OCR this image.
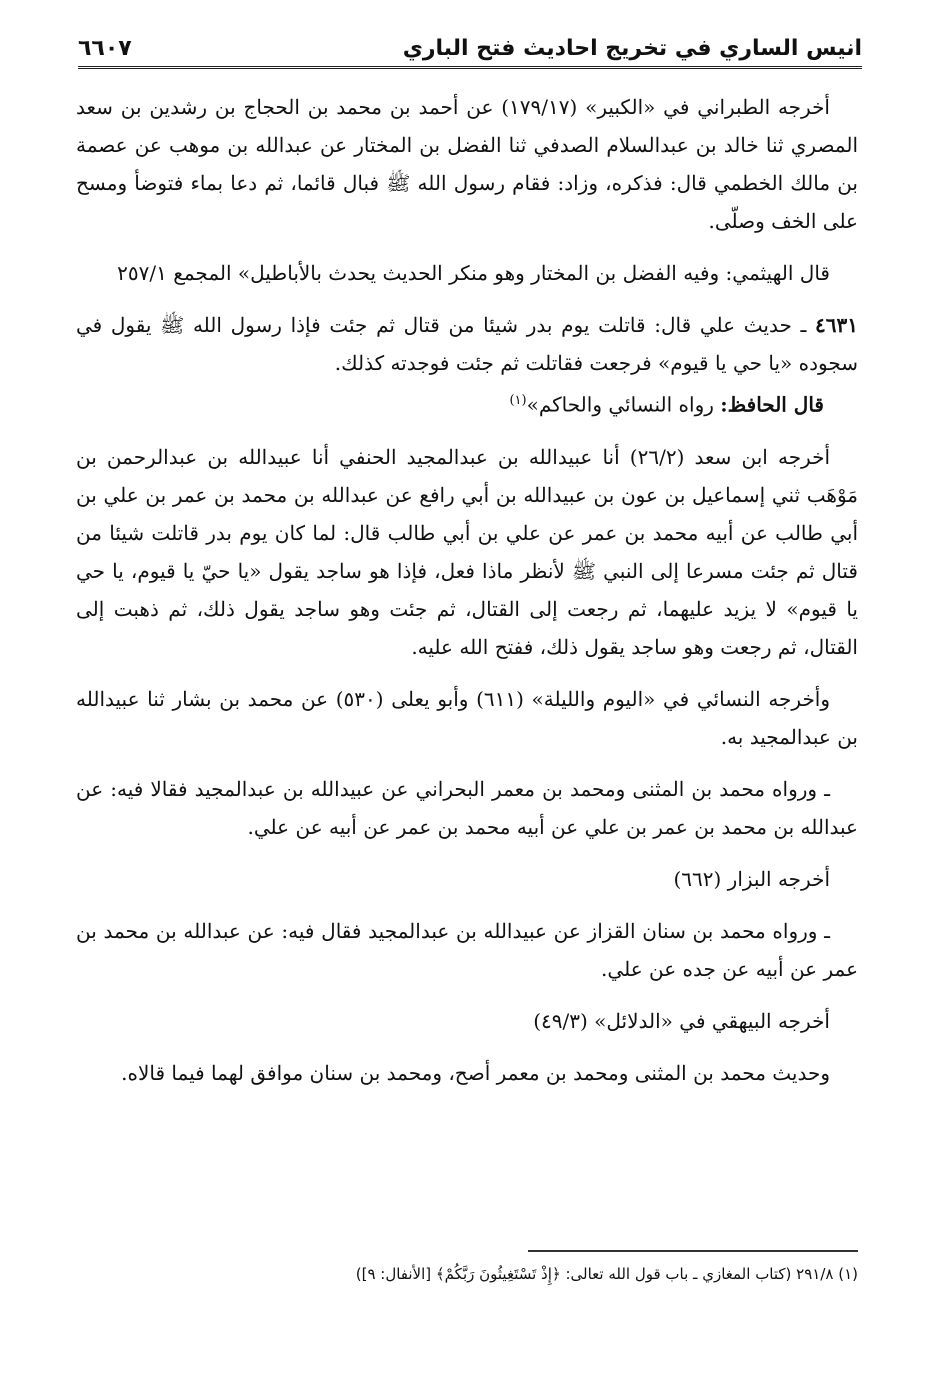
انيس الساري في تخريج احاديث فتح الباري
٦٦٠٧

أخرجه الطبراني في «الكبير» (١٧٩/١٧) عن أحمد بن محمد بن الحجاج بن رشدين بن سعد المصري ثنا خالد بن عبدالسلام الصدفي ثنا الفضل بن المختار عن عبدالله بن موهب عن عصمة بن مالك الخطمي قال: فذكره، وزاد: فقام رسول الله ﷺ فبال قائما، ثم دعا بماء فتوضأ ومسح على الخف وصلّى.

قال الهيثمي: وفيه الفضل بن المختار وهو منكر الحديث يحدث بالأباطيل» المجمع ٢٥٧/١

٤٦٣١ ـ حديث علي قال: قاتلت يوم بدر شيئا من قتال ثم جئت فإذا رسول الله ﷺ يقول في سجوده «يا حي يا قيوم» فرجعت فقاتلت ثم جئت فوجدته كذلك.

قال الحافظ: رواه النسائي والحاكم»$^{(١)}$

أخرجه ابن سعد (٢٦/٢) أنا عبيدالله بن عبدالمجيد الحنفي أنا عبيدالله بن عبدالرحمن بن مَوْهَب ثني إسماعيل بن عون بن عبيدالله بن أبي رافع عن عبدالله بن محمد بن عمر بن علي بن أبي طالب عن أبيه محمد بن عمر عن علي بن أبي طالب قال: لما كان يوم بدر قاتلت شيئا من قتال ثم جئت مسرعا إلى النبي ﷺ لأنظر ماذا فعل، فإذا هو ساجد يقول «يا حيّ يا قيوم، يا حي يا قيوم» لا يزيد عليهما، ثم رجعت إلى القتال، ثم جئت وهو ساجد يقول ذلك، ثم ذهبت إلى القتال، ثم رجعت وهو ساجد يقول ذلك، ففتح الله عليه.

وأخرجه النسائي في «اليوم والليلة» (٦١١) وأبو يعلى (٥٣٠) عن محمد بن بشار ثنا عبيدالله بن عبدالمجيد به.

ـ ورواه محمد بن المثنى ومحمد بن معمر البحراني عن عبيدالله بن عبدالمجيد فقالا فيه: عن عبدالله بن محمد بن عمر بن علي عن أبيه محمد بن عمر عن أبيه عن علي.

أخرجه البزار (٦٦٢)

ـ ورواه محمد بن سنان القزاز عن عبيدالله بن عبدالمجيد فقال فيه: عن عبدالله بن محمد بن عمر عن أبيه عن جده عن علي.

أخرجه البيهقي في «الدلائل» (٤٩/٣)

وحديث محمد بن المثنى ومحمد بن معمر أصح، ومحمد بن سنان موافق لهما فيما قالاه.

(١) ٢٩١/٨ (كتاب المغازي ـ باب قول الله تعالى: ﴿إِذْ تَسْتَغِيثُونَ رَبَّكُمْ﴾ [الأنفال: ٩])
